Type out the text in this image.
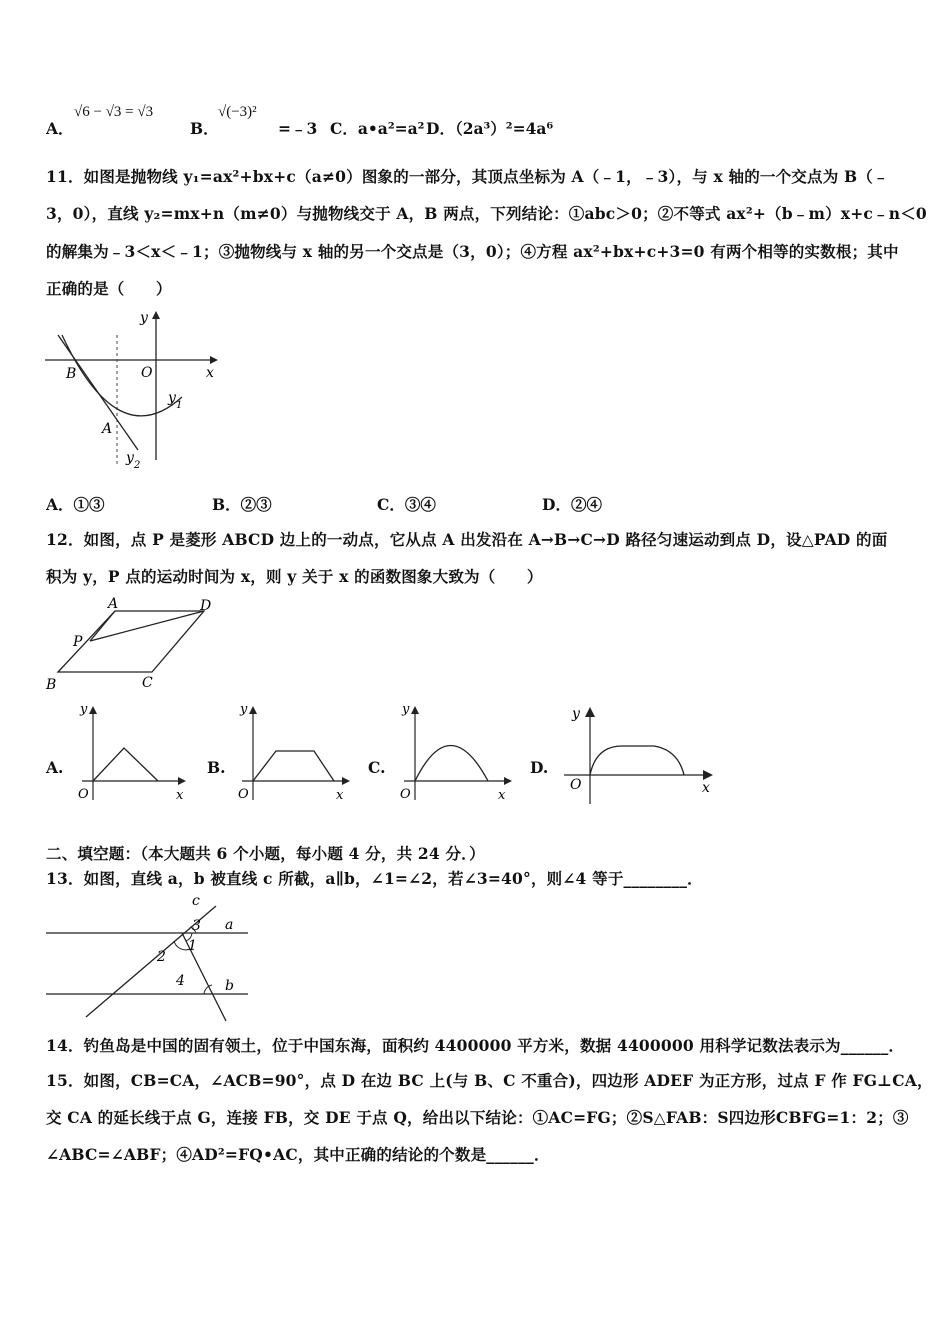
A．
√6 − √3 = √3
B．
√(−3)²
=﹣3 C．a•a²=a² D．（2a³）²=4a⁶
11．如图是抛物线 y₁=ax²+bx+c（a≠0）图象的一部分，其顶点坐标为 A（﹣1，﹣3），与 x 轴的一个交点为 B（﹣
3，0），直线 y₂=mx+n（m≠0）与抛物线交于 A，B 两点，下列结论：①abc＞0；②不等式 ax²+（b﹣m）x+c﹣n＜0
的解集为﹣3＜x＜﹣1；③抛物线与 x 轴的另一个交点是（3，0）；④方程 ax²+bx+c+3=0 有两个相等的实数根；其中
正确的是（　　）
B	O	x
y
A
y 1
y 2
A．①③	B．②③	C．③④	D．②④
12．如图，点 P 是菱形 ABCD 边上的一动点，它从点 A 出发沿在 A→B→C→D 路径匀速运动到点 D，设△PAD 的面
积为 y，P 点的运动时间为 x，则 y 关于 x 的函数图象大致为（　　）
A	D
P
B	C
A.
y
O	x
B.
y
O	x
C.
y
O	x
D.
y
O	x
二、填空题：（本大题共 6 个小题，每小题 4 分，共 24 分．）
13．如图，直线 a，b 被直线 c 所截，a∥b，∠1=∠2，若∠3=40°，则∠4 等于________．
c
a
b
3
1
2
4
14．钓鱼岛是中国的固有领土，位于中国东海，面积约 4400000 平方米，数据 4400000 用科学记数法表示为______．
15．如图，CB=CA，∠ACB=90°，点 D 在边 BC 上(与 B、C 不重合)，四边形 ADEF 为正方形，过点 F 作 FG⊥CA，
交 CA 的延长线于点 G，连接 FB，交 DE 于点 Q，给出以下结论：①AC=FG；②S△FAB：S四边形CBFG=1：2；③
∠ABC=∠ABF；④AD²=FQ•AC，其中正确的结论的个数是______．
